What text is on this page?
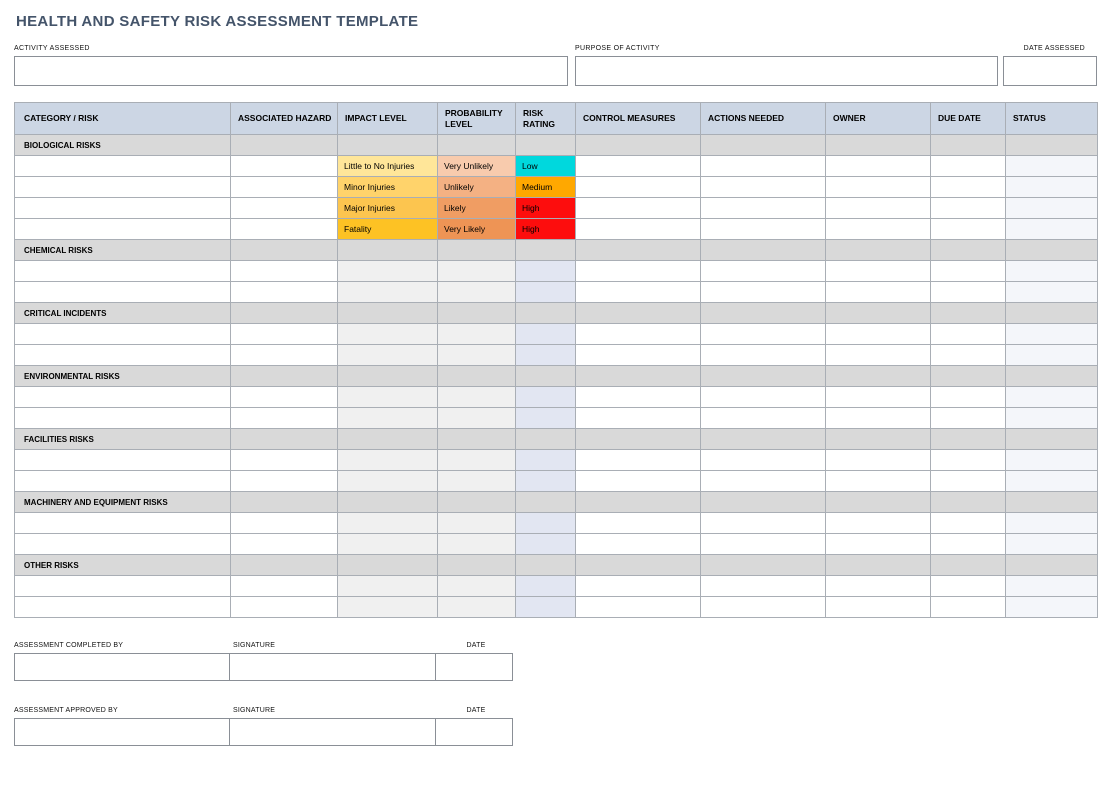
HEALTH AND SAFETY RISK ASSESSMENT TEMPLATE
ACTIVITY ASSESSED	PURPOSE OF ACTIVITY	DATE ASSESSED
CATEGORY / RISK	ASSOCIATED HAZARD	IMPACT LEVEL	PROBABILITY LEVEL	RISK RATING	CONTROL MEASURES	ACTIONS NEEDED	OWNER	DUE DATE	STATUS
BIOLOGICAL RISKS									
		Little to No Injuries	Very Unlikely	Low					
		Minor Injuries	Unlikely	Medium					
		Major Injuries	Likely	High					
		Fatality	Very Likely	High					
CHEMICAL RISKS									

CRITICAL INCIDENTS									

ENVIRONMENTAL RISKS									

FACILITIES RISKS									

MACHINERY AND EQUIPMENT RISKS									

OTHER RISKS									

ASSESSMENT COMPLETED BY	SIGNATURE	DATE
ASSESSMENT APPROVED BY	SIGNATURE	DATE
